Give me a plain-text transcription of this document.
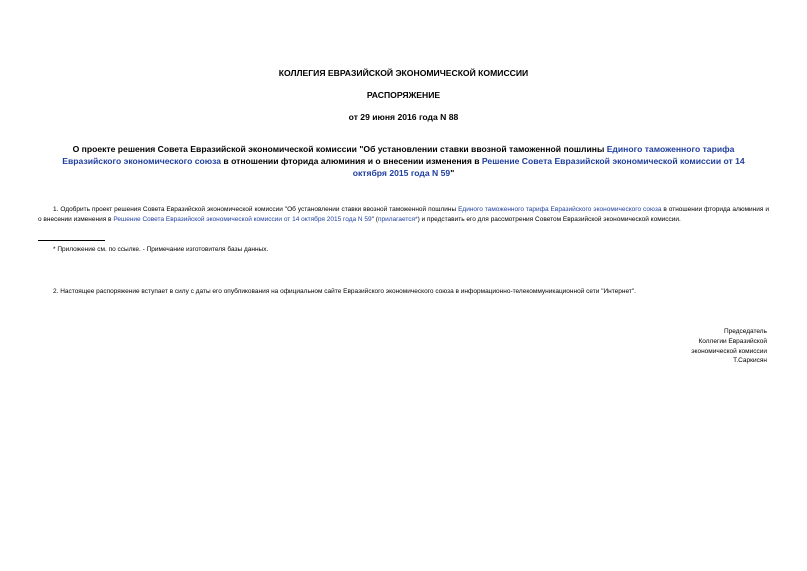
КОЛЛЕГИЯ ЕВРАЗИЙСКОЙ ЭКОНОМИЧЕСКОЙ КОМИССИИ
РАСПОРЯЖЕНИЕ
от 29 июня 2016 года N 88
О проекте решения Совета Евразийской экономической комиссии "Об установлении ставки ввозной таможенной пошлины Единого таможенного тарифа Евразийского экономического союза в отношении фторида алюминия и о внесении изменения в Решение Совета Евразийской экономической комиссии от 14 октября 2015 года N 59"
1. Одобрить проект решения Совета Евразийской экономической комиссии "Об установлении ставки ввозной таможенной пошлины Единого таможенного тарифа Евразийского экономического союза в отношении фторида алюминия и о внесении изменения в Решение Совета Евразийской экономической комиссии от 14 октября 2015 года N 59" (прилагается*) и представить его для рассмотрения Советом Евразийской экономической комиссии.
* Приложение см. по ссылке. - Примечание изготовителя базы данных.
2. Настоящее распоряжение вступает в силу с даты его опубликования на официальном сайте Евразийского экономического союза в информационно-телекоммуникационной сети "Интернет".
Председатель
Коллегии Евразийской
экономической комиссии
Т.Саркисян
